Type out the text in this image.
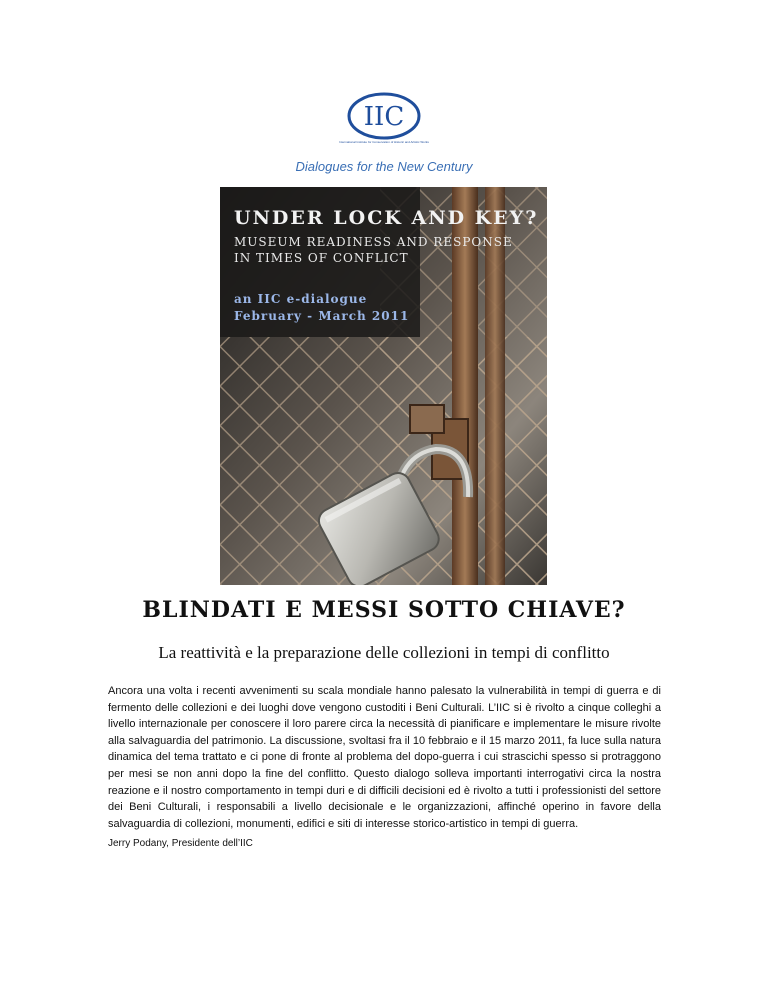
IIC
International Institute for Conservation of Historic and Artistic Works
Dialogues for the New Century
UNDER LOCK AND KEY?
MUSEUM READINESS AND RESPONSE
IN TIMES OF CONFLICT
an IIC e-dialogue
February - March 2011
BLINDATI E MESSI SOTTO CHIAVE?
La reattività e la preparazione delle collezioni in tempi di conflitto
Ancora una volta i recenti avvenimenti su scala mondiale hanno palesato la vulnerabilità in tempi di guerra e di fermento delle collezioni e dei luoghi dove vengono custoditi i Beni Culturali. L’IIC si è rivolto a cinque colleghi a livello internazionale per conoscere il loro parere circa la necessità di pianificare e implementare le misure rivolte alla salvaguardia del patrimonio. La discussione, svoltasi fra il 10 febbraio e il 15 marzo 2011, fa luce sulla natura dinamica del tema trattato e ci pone di fronte al problema del dopo-guerra i cui strascichi spesso si protraggono per mesi se non anni dopo la fine del conflitto. Questo dialogo solleva importanti interrogativi circa la nostra reazione e il nostro comportamento in tempi duri e di difficili decisioni ed è rivolto a tutti i professionisti del settore dei Beni Culturali, i responsabili a livello decisionale e le organizzazioni, affinché operino in favore della salvaguardia di collezioni, monumenti, edifici e siti di interesse storico-artistico in tempi di guerra.
Jerry Podany, Presidente dell’IIC
